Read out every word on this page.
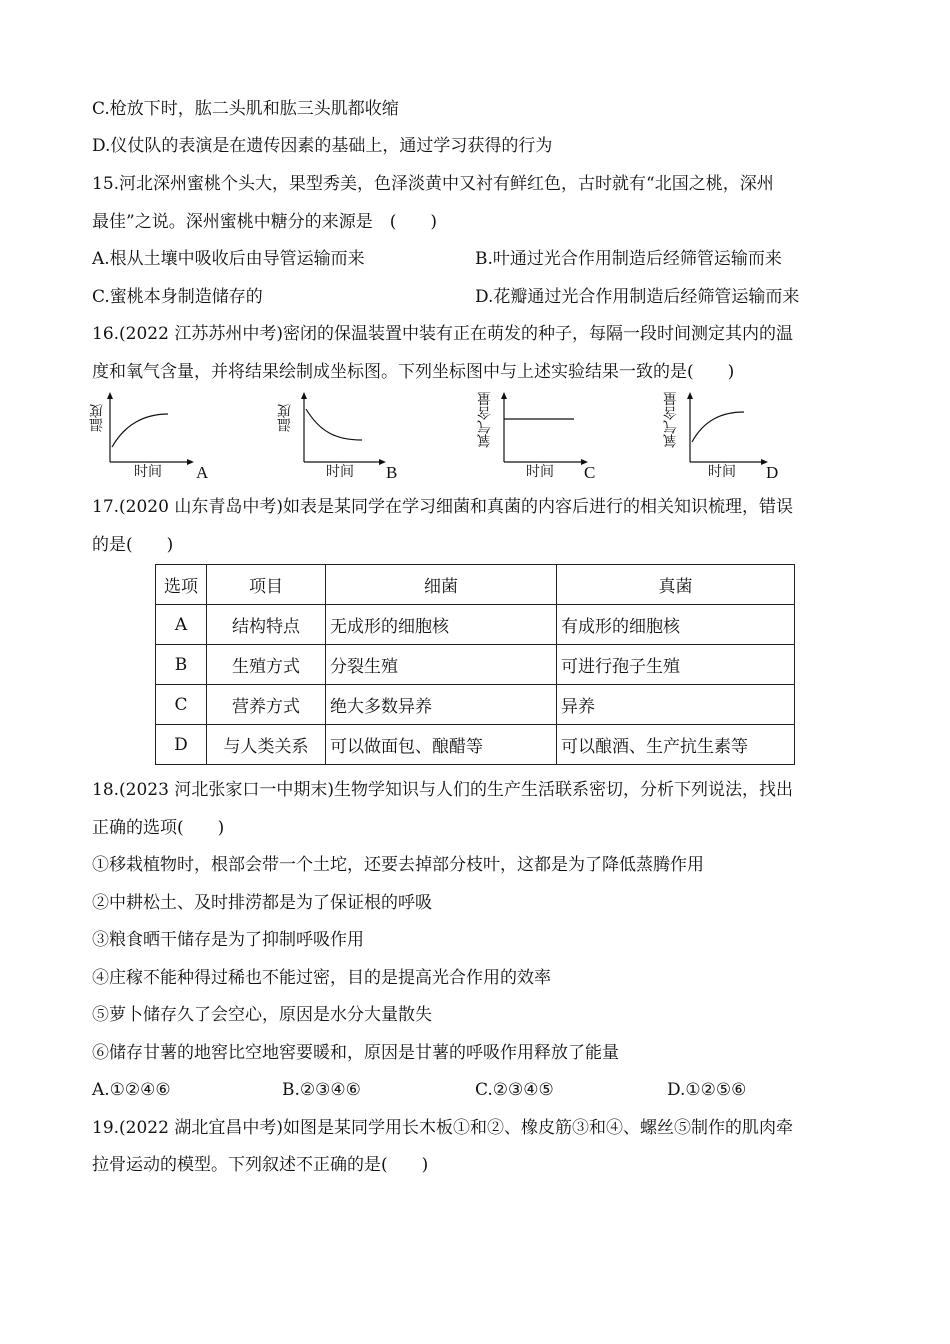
C.枪放下时，肱二头肌和肱三头肌都收缩
D.仪仗队的表演是在遗传因素的基础上，通过学习获得的行为
15.河北深州蜜桃个头大，果型秀美，色泽淡黄中又衬有鲜红色，古时就有“北国之桃，深州
最佳”之说。深州蜜桃中糖分的来源是　(　　)
A.根从土壤中吸收后由导管运输而来	B.叶通过光合作用制造后经筛管运输而来
C.蜜桃本身制造储存的	D.花瓣通过光合作用制造后经筛管运输而来
16.(2022 江苏苏州中考)密闭的保温装置中装有正在萌发的种子，每隔一段时间测定其内的温
度和氧气含量，并将结果绘制成坐标图。下列坐标图中与上述实验结果一致的是(　　)
温度
时间 A
温度
时间 B
氧气含量
时间 C
氧气含量
时间 D
17.(2020 山东青岛中考)如表是某同学在学习细菌和真菌的内容后进行的相关知识梳理，错误
的是(　　)
选项	项目	细菌	真菌
A	结构特点	无成形的细胞核	有成形的细胞核
B	生殖方式	分裂生殖	可进行孢子生殖
C	营养方式	绝大多数异养	异养
D	与人类关系	可以做面包、酿醋等	可以酿酒、生产抗生素等
18.(2023 河北张家口一中期末)生物学知识与人们的生产生活联系密切，分析下列说法，找出
正确的选项(　　)
①移栽植物时，根部会带一个土坨，还要去掉部分枝叶，这都是为了降低蒸腾作用
②中耕松土、及时排涝都是为了保证根的呼吸
③粮食晒干储存是为了抑制呼吸作用
④庄稼不能种得过稀也不能过密，目的是提高光合作用的效率
⑤萝卜储存久了会空心，原因是水分大量散失
⑥储存甘薯的地窖比空地窖要暖和，原因是甘薯的呼吸作用释放了能量
A.①②④⑥	B.②③④⑥	C.②③④⑤	D.①②⑤⑥
19.(2022 湖北宜昌中考)如图是某同学用长木板①和②、橡皮筋③和④、螺丝⑤制作的肌肉牵
拉骨运动的模型。下列叙述不正确的是(　　)
